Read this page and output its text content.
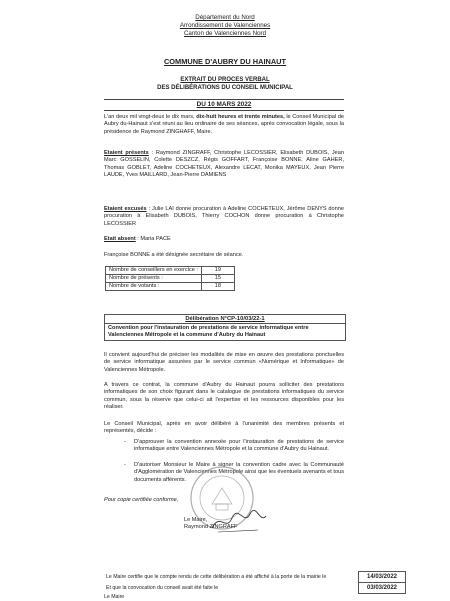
Département du Nord
Arrondissement de Valenciennes
Canton de Valenciennes Nord
COMMUNE D'AUBRY DU HAINAUT
EXTRAIT DU PROCES VERBAL
DES DÉLIBÉRATIONS DU CONSEIL MUNICIPAL
DU 10 MARS 2022
L'an deux mil vingt-deux le dix mars, dix-huit heures et trente minutes, le Conseil Municipal de Aubry du-Hainaut s'est réuni au lieu ordinaire de ses séances, après convocation légale, sous la présidence de Raymond ZINGHAFF, Maire.
Etaient présents : Raymond ZINGRAFF, Christophe LECOSSIER, Elisabeth DUBOIS, Jean Marc GOSSELIN, Colette DESZCZ, Régis GOFFART, Françoise BONNE, Aline GAHER, Thomas GOBLET, Adeline COCHETEUX, Alexandre LECAT, Monika MAYEUX, Jean Pierre LAUDE, Yves MAILLARD, Jean-Pierre DAMIENS
Etaient excusés : Julie LAI donne procuration à Adeline COCHETEUX, Jérôme DENYS donne procuration à Elisabeth DUBOIS, Thierry COCHON donne procuration à Christophe LECOSSIER
Etait absent : Maria PACE
Françoise BONNE a été désignée secrétaire de séance.
Nombre de conseillers en exercice :	19
Nombre de présents :	15
Nombre de votants :	18
Délibération N°CP-10/03/22-1
Convention pour l'instauration de prestations de service informatique entre Valenciennes Métropole et la commune d'Aubry du Hainaut
Il convient aujourd'hui de préciser les modalités de mise en œuvre des prestations ponctuelles de service informatique assurées par le service commun «Numérique et Informatique» de Valenciennes Métropole.
A travers ce contrat, la commune d'Aubry du Hainaut pourra solliciter des prestations informatiques de son choix figurant dans le catalogue de prestations informatiques du service commun, sous la réserve que celui-ci ait l'expertise et les ressources disponibles pour les réaliser.
Le Conseil Municipal, après en avoir délibéré à l'unanimité des membres présents et représentés, décide :
- D'approuver la convention annexée pour l'instauration de prestations de service informatique entre Valenciennes Métropole et la commune d'Aubry du Hainaut.
- D'autoriser Monsieur le Maire à signer la convention cadre avec la Communauté d'Agglomération de Valenciennes Métropole ainsi que les éventuels avenants et tous documents afférents.
Pour copie certifiée conforme,
Le Maire,
Raymond ZINGRAFF
Le Maire certifie que le compte rendu de cette délibération a été affiché à la porte de la mairie le	14/03/2022
Et que la convocation du conseil avait été faite le	03/03/2022
Le Maire
